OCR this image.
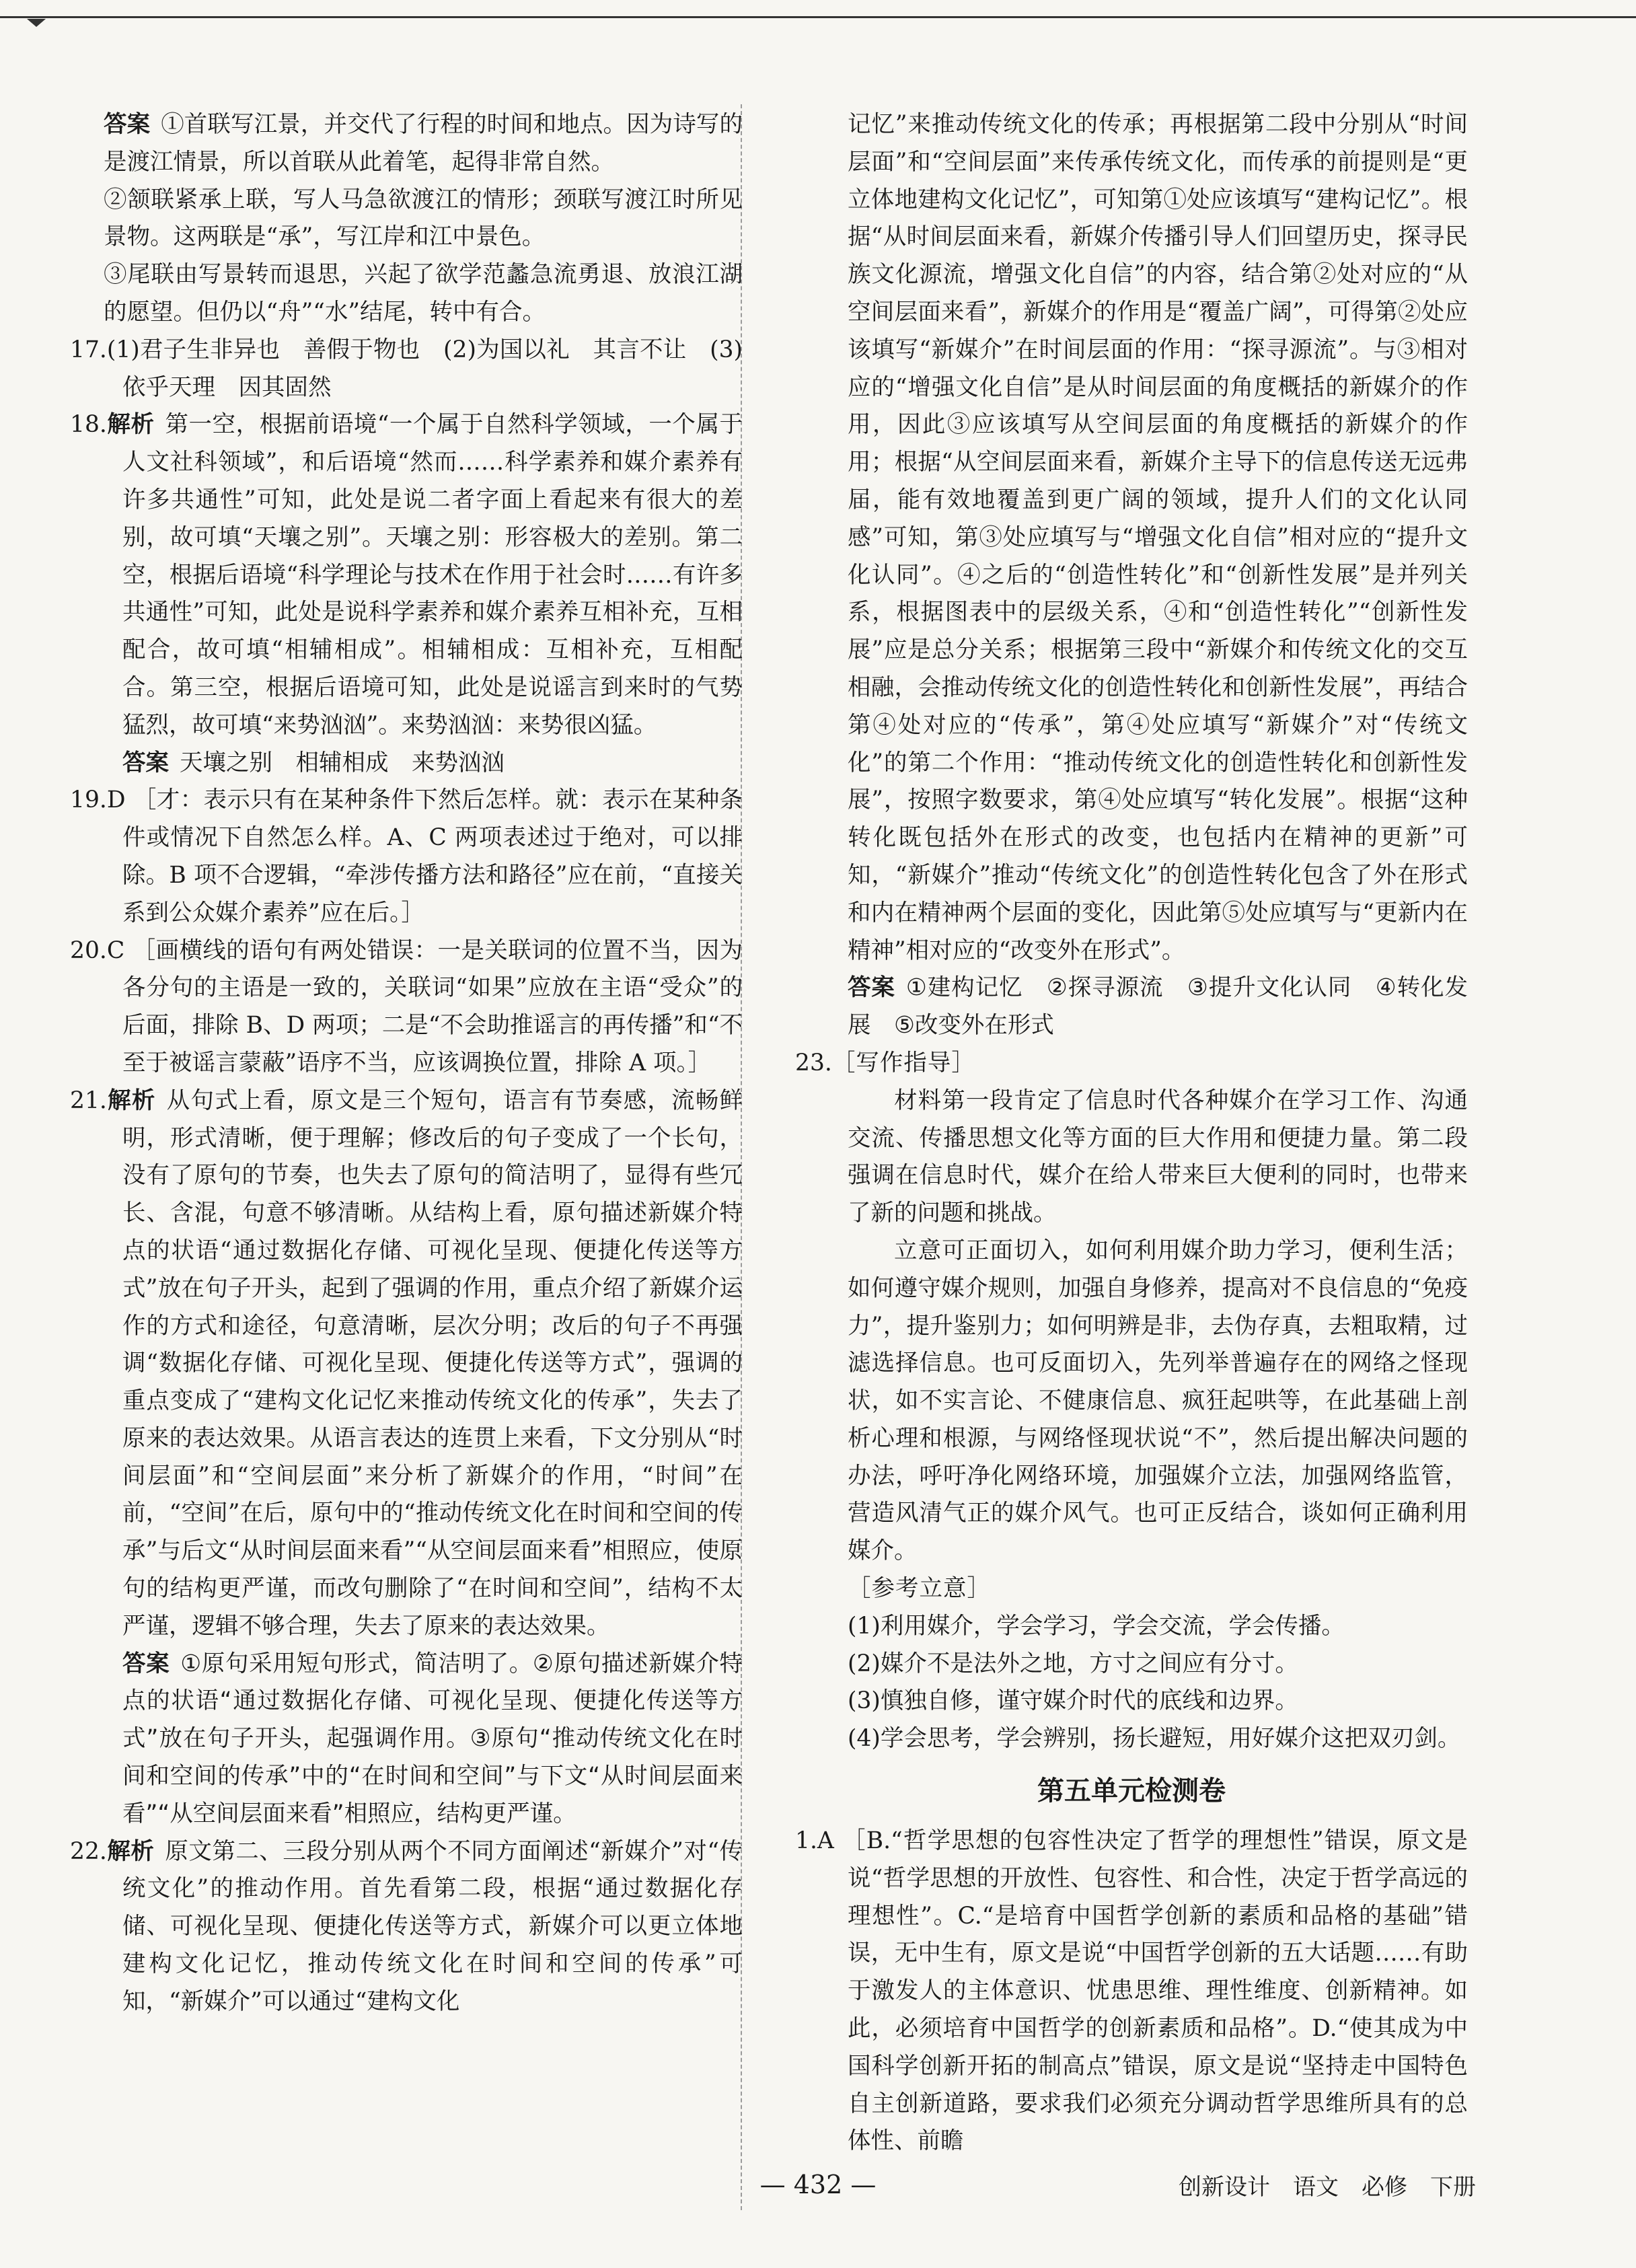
答案 ①首联写江景，并交代了行程的时间和地点。因为诗写的是渡江情景，所以首联从此着笔，起得非常自然。

②颔联紧承上联，写人马急欲渡江的情形；颈联写渡江时所见景物。这两联是“承”，写江岸和江中景色。

③尾联由写景转而退思，兴起了欲学范蠡急流勇退、放浪江湖的愿望。但仍以“舟”“水”结尾，转中有合。

17.(1)君子生非异也　善假于物也　(2)为国以礼　其言不让　(3)依乎天理　因其固然

18.解析 第一空，根据前语境“一个属于自然科学领域，一个属于人文社科领域”，和后语境“然而……科学素养和媒介素养有许多共通性”可知，此处是说二者字面上看起来有很大的差别，故可填“天壤之别”。天壤之别：形容极大的差别。第二空，根据后语境“科学理论与技术在作用于社会时……有许多共通性”可知，此处是说科学素养和媒介素养互相补充，互相配合，故可填“相辅相成”。相辅相成：互相补充，互相配合。第三空，根据后语境可知，此处是说谣言到来时的气势猛烈，故可填“来势汹汹”。来势汹汹：来势很凶猛。

答案 天壤之别　相辅相成　来势汹汹

19.D ［才：表示只有在某种条件下然后怎样。就：表示在某种条件或情况下自然怎么样。A、C 两项表述过于绝对，可以排除。B 项不合逻辑，“牵涉传播方法和路径”应在前，“直接关系到公众媒介素养”应在后。］

20.C ［画横线的语句有两处错误：一是关联词的位置不当，因为各分句的主语是一致的，关联词“如果”应放在主语“受众”的后面，排除 B、D 两项；二是“不会助推谣言的再传播”和“不至于被谣言蒙蔽”语序不当，应该调换位置，排除 A 项。］

21.解析 从句式上看，原文是三个短句，语言有节奏感，流畅鲜明，形式清晰，便于理解；修改后的句子变成了一个长句，没有了原句的节奏，也失去了原句的简洁明了，显得有些冗长、含混，句意不够清晰。从结构上看，原句描述新媒介特点的状语“通过数据化存储、可视化呈现、便捷化传送等方式”放在句子开头，起到了强调的作用，重点介绍了新媒介运作的方式和途径，句意清晰，层次分明；改后的句子不再强调“数据化存储、可视化呈现、便捷化传送等方式”，强调的重点变成了“建构文化记忆来推动传统文化的传承”，失去了原来的表达效果。从语言表达的连贯上来看，下文分别从“时间层面”和“空间层面”来分析了新媒介的作用，“时间”在前，“空间”在后，原句中的“推动传统文化在时间和空间的传承”与后文“从时间层面来看”“从空间层面来看”相照应，使原句的结构更严谨，而改句删除了“在时间和空间”，结构不太严谨，逻辑不够合理，失去了原来的表达效果。

答案 ①原句采用短句形式，简洁明了。②原句描述新媒介特点的状语“通过数据化存储、可视化呈现、便捷化传送等方式”放在句子开头，起强调作用。③原句“推动传统文化在时间和空间的传承”中的“在时间和空间”与下文“从时间层面来看”“从空间层面来看”相照应，结构更严谨。

22.解析 原文第二、三段分别从两个不同方面阐述“新媒介”对“传统文化”的推动作用。首先看第二段，根据“通过数据化存储、可视化呈现、便捷化传送等方式，新媒介可以更立体地建构文化记忆，推动传统文化在时间和空间的传承”可知，“新媒介”可以通过“建构文化

记忆”来推动传统文化的传承；再根据第二段中分别从“时间层面”和“空间层面”来传承传统文化，而传承的前提则是“更立体地建构文化记忆”，可知第①处应该填写“建构记忆”。根据“从时间层面来看，新媒介传播引导人们回望历史，探寻民族文化源流，增强文化自信”的内容，结合第②处对应的“从空间层面来看”，新媒介的作用是“覆盖广阔”，可得第②处应该填写“新媒介”在时间层面的作用：“探寻源流”。与③相对应的“增强文化自信”是从时间层面的角度概括的新媒介的作用，因此③应该填写从空间层面的角度概括的新媒介的作用；根据“从空间层面来看，新媒介主导下的信息传送无远弗届，能有效地覆盖到更广阔的领域，提升人们的文化认同感”可知，第③处应填写与“增强文化自信”相对应的“提升文化认同”。④之后的“创造性转化”和“创新性发展”是并列关系，根据图表中的层级关系，④和“创造性转化”“创新性发展”应是总分关系；根据第三段中“新媒介和传统文化的交互相融，会推动传统文化的创造性转化和创新性发展”，再结合第④处对应的“传承”，第④处应填写“新媒介”对“传统文化”的第二个作用：“推动传统文化的创造性转化和创新性发展”，按照字数要求，第④处应填写“转化发展”。根据“这种转化既包括外在形式的改变，也包括内在精神的更新”可知，“新媒介”推动“传统文化”的创造性转化包含了外在形式和内在精神两个层面的变化，因此第⑤处应填写与“更新内在精神”相对应的“改变外在形式”。

答案 ①建构记忆　②探寻源流　③提升文化认同　④转化发展　⑤改变外在形式

23.［写作指导］

材料第一段肯定了信息时代各种媒介在学习工作、沟通交流、传播思想文化等方面的巨大作用和便捷力量。第二段强调在信息时代，媒介在给人带来巨大便利的同时，也带来了新的问题和挑战。

立意可正面切入，如何利用媒介助力学习，便利生活；如何遵守媒介规则，加强自身修养，提高对不良信息的“免疫力”，提升鉴别力；如何明辨是非，去伪存真，去粗取精，过滤选择信息。也可反面切入，先列举普遍存在的网络之怪现状，如不实言论、不健康信息、疯狂起哄等，在此基础上剖析心理和根源，与网络怪现状说“不”，然后提出解决问题的办法，呼吁净化网络环境，加强媒介立法，加强网络监管，营造风清气正的媒介风气。也可正反结合，谈如何正确利用媒介。

［参考立意］

(1)利用媒介，学会学习，学会交流，学会传播。

(2)媒介不是法外之地，方寸之间应有分寸。

(3)慎独自修，谨守媒介时代的底线和边界。

(4)学会思考，学会辨别，扬长避短，用好媒介这把双刃剑。

第五单元检测卷

1.A ［B.“哲学思想的包容性决定了哲学的理想性”错误，原文是说“哲学思想的开放性、包容性、和合性，决定于哲学高远的理想性”。C.“是培育中国哲学创新的素质和品格的基础”错误，无中生有，原文是说“中国哲学创新的五大话题……有助于激发人的主体意识、忧患思维、理性维度、创新精神。如此，必须培育中国哲学的创新素质和品格”。D.“使其成为中国科学创新开拓的制高点”错误，原文是说“坚持走中国特色自主创新道路，要求我们必须充分调动哲学思维所具有的总体性、前瞻

— 432 —	创新设计　语文　必修　下册
